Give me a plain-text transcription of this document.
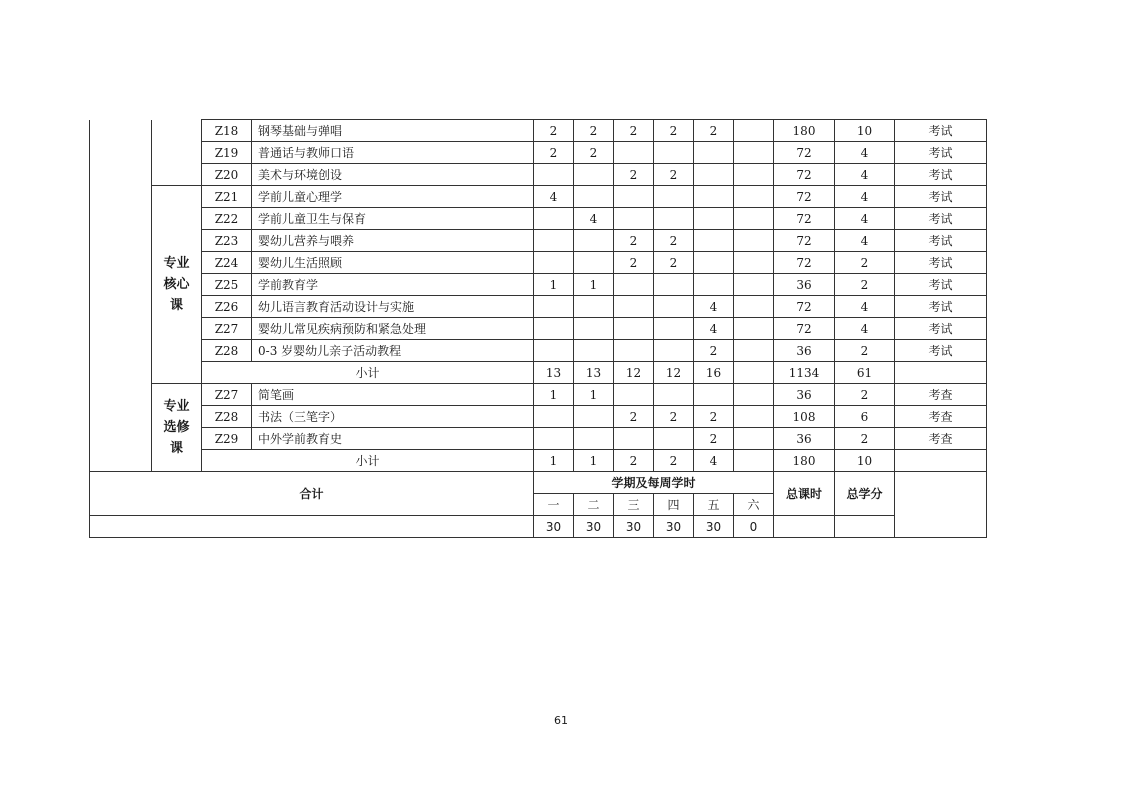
		Z18	钢琴基础与弹唱	2	2	2	2	2		180	10	考试
		Z19	普通话与教师口语	2	2					72	4	考试
		Z20	美术与环境创设			2	2			72	4	考试

	专业
核心
课	Z21	学前儿童心理学	4						72	4	考试
		Z22	学前儿童卫生与保育		4					72	4	考试
		Z23	婴幼儿营养与喂养			2	2			72	4	考试
		Z24	婴幼儿生活照顾			2	2			72	2	考试
		Z25	学前教育学	1	1					36	2	考试
		Z26	幼儿语言教育活动设计与实施					4		72	4	考试
		Z27	婴幼儿常见疾病预防和紧急处理					4		72	4	考试
		Z28	0-3 岁婴幼儿亲子活动教程					2		36	2	考试
		小计		13	13	12	12	16		1134	61	

	专业
选修
课	Z27	简笔画	1	1					36	2	考查
		Z28	书法（三笔字）			2	2	2		108	6	考查
		Z29	中外学前教育史					2		36	2	考查
		小计		1	1	2	2	4		180	10	
合计				学期及每周学时						总课时	总学分	
				一	二	三	四	五	六			
				30	30	30	30	30	0			
61
